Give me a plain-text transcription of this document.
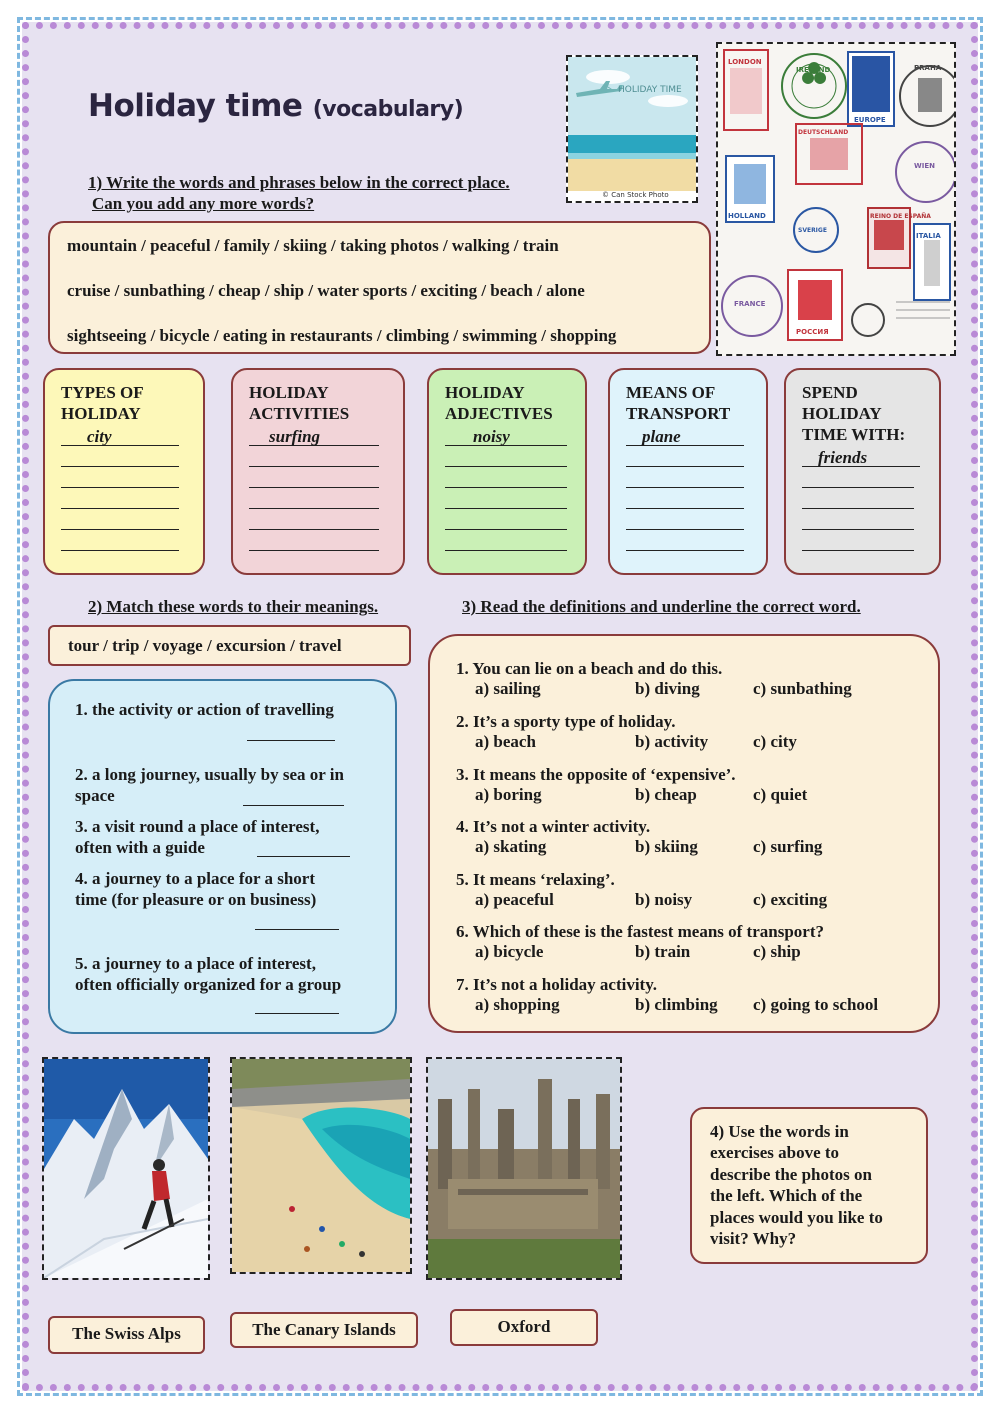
Holiday time (vocabulary)
1) Write the words and phrases below in the correct place.
Can you add any more words?
HOLIDAY TIME
© Can Stock Photo
LONDON
IRELAND
EUROPE
PRAHA
DEUTSCHLAND
WIEN
HOLLAND	REINO DE ESPAÑA
ITALIA
РОССИЯ
FRANCE
SVERIGE
mountain / peaceful / family / skiing / taking photos / walking / train
cruise / sunbathing / cheap / ship / water sports / exciting / beach / alone
sightseeing / bicycle / eating in restaurants / climbing / swimming / shopping
TYPES OF
HOLIDAY
city
HOLIDAY
ACTIVITIES
surfing
HOLIDAY
ADJECTIVES
noisy
MEANS OF
TRANSPORT
plane
SPEND
HOLIDAY
TIME WITH:
friends
2) Match these words to their meanings.
tour / trip / voyage / excursion / travel
1. the activity or action of travelling
2. a long journey, usually by sea or in
space
3. a visit round a place of interest,
often with a guide
4. a journey to a place for a short
time (for pleasure or on business)
5. a journey to a place of interest,
often officially organized for a group
3) Read the definitions and underline the correct word.
1. You can lie on a beach and do this.
a) sailing	b) diving	c) sunbathing
2. It’s a sporty type of holiday.
a) beach	b) activity	c) city
3. It means the opposite of ‘expensive’.
a) boring	b) cheap	c) quiet
4. It’s not a winter activity.
a) skating	b) skiing	c) surfing
5. It means ‘relaxing’.
a) peaceful	b) noisy	c) exciting
6. Which of these is the fastest means of transport?
a) bicycle	b) train	c) ship
7. It’s not a holiday activity.
a) shopping	b) climbing c) going to school
4) Use the words in
exercises above to
describe the photos on
the left. Which of the
places would you like to
visit? Why?
The Swiss Alps	The Canary Islands	Oxford
